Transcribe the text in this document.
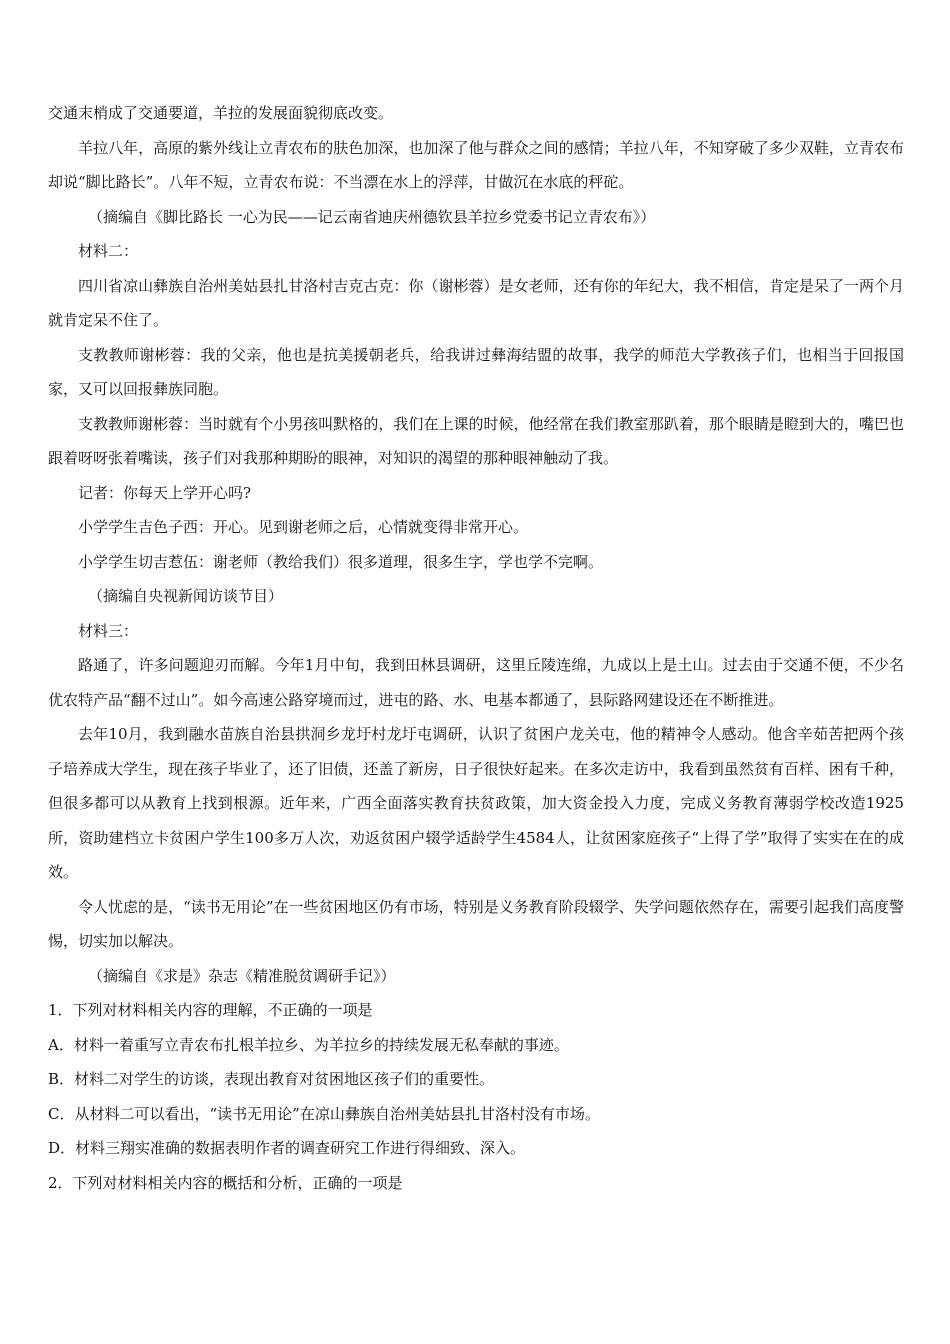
交通末梢成了交通要道，羊拉的发展面貌彻底改变。

羊拉八年，高原的紫外线让立青农布的肤色加深，也加深了他与群众之间的感情；羊拉八年，不知穿破了多少双鞋，立青农布却说“脚比路长”。八年不短，立青农布说：不当漂在水上的浮萍，甘做沉在水底的秤砣。

（摘编自《脚比路长 一心为民——记云南省迪庆州德钦县羊拉乡党委书记立青农布》）

材料二：

四川省凉山彝族自治州美姑县扎甘洛村吉克古克：你（谢彬蓉）是女老师，还有你的年纪大，我不相信，肯定是呆了一两个月就肯定呆不住了。

支教教师谢彬蓉：我的父亲，他也是抗美援朝老兵，给我讲过彝海结盟的故事，我学的师范大学教孩子们，也相当于回报国家，又可以回报彝族同胞。

支教教师谢彬蓉：当时就有个小男孩叫默格的，我们在上课的时候，他经常在我们教室那趴着，那个眼睛是瞪到大的，嘴巴也跟着呀呀张着嘴读，孩子们对我那种期盼的眼神，对知识的渴望的那种眼神触动了我。

记者：你每天上学开心吗?

小学学生吉色子西：开心。见到谢老师之后，心情就变得非常开心。

小学学生切吉惹伍：谢老师（教给我们）很多道理，很多生字，学也学不完啊。

（摘编自央视新闻访谈节目）

材料三：

路通了，许多问题迎刃而解。今年1月中旬，我到田林县调研，这里丘陵连绵，九成以上是土山。过去由于交通不便，不少名优农特产品“翻不过山”。如今高速公路穿境而过，进屯的路、水、电基本都通了，县际路网建设还在不断推进。

去年10月，我到融水苗族自治县拱洞乡龙圩村龙圩屯调研，认识了贫困户龙关屯，他的精神令人感动。他含辛茹苦把两个孩子培养成大学生，现在孩子毕业了，还了旧债，还盖了新房，日子很快好起来。在多次走访中，我看到虽然贫有百样、困有千种，但很多都可以从教育上找到根源。近年来，广西全面落实教育扶贫政策，加大资金投入力度，完成义务教育薄弱学校改造1925所，资助建档立卡贫困户学生100多万人次，劝返贫困户辍学适龄学生4584人，让贫困家庭孩子“上得了学”取得了实实在在的成效。

令人忧虑的是，“读书无用论”在一些贫困地区仍有市场，特别是义务教育阶段辍学、失学问题依然存在，需要引起我们高度警惕，切实加以解决。

（摘编自《求是》杂志《精准脱贫调研手记》）

1．下列对材料相关内容的理解，不正确的一项是

A．材料一着重写立青农布扎根羊拉乡、为羊拉乡的持续发展无私奉献的事迹。

B．材料二对学生的访谈，表现出教育对贫困地区孩子们的重要性。

C．从材料二可以看出，“读书无用论”在凉山彝族自治州美姑县扎甘洛村没有市场。

D．材料三翔实准确的数据表明作者的调查研究工作进行得细致、深入。

2．下列对材料相关内容的概括和分析，正确的一项是
